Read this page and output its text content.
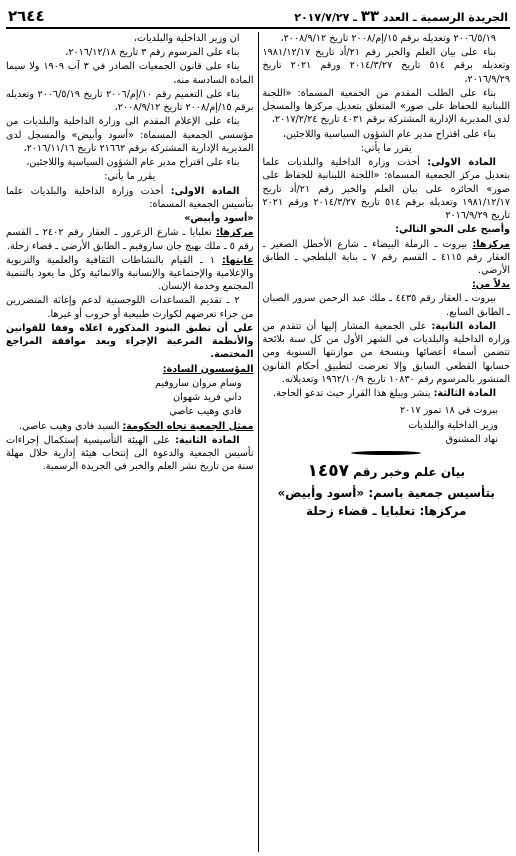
٢٦٤٤	الجريدة الرسمية ـ العدد ٣٣ ـ ٢٠١٧/٧/٢٧

٢٠٠٦/٥/١٩ وتعديله برقم ١٥/إم/٢٠٠٨ تاريخ ٢٠٠٨/٩/١٢،

بناء على بيان العلم والخبر رقم ٢١/أد تاريخ ١٩٨١/١٢/١٧ وتعديله برقم ٥١٤ تاريخ ٢٠١٤/٣/٢٧ ورقم ٢٠٢١ تاريخ ٢٠١٦/٩/٢٩،

بناء على الطلب المقدم من الجمعية المسماة: «اللجنة اللبنانية للحفاظ على صور» المتعلق بتعديل مركزها والمسجل لدى المديرية الإدارية المشتركة برقم ٤٠٣١ تاريخ ٢٠١٧/٢/٢٤،

بناء على اقتراح مدير عام الشؤون السياسية واللاجئين،

يقرر ما يأتي:

المادة الاولى: أخذت وزارة الداخلية والبلديات علما بتعديل مركز الجمعية المسماة: «اللجنة اللبنانية للحفاظ على صور» الحائزة على بيان العلم والخبر رقم ٢١/أد تاريخ ١٩٨١/١٢/١٧ وتعديله برقم ٥١٤ تاريخ ٢٠١٤/٣/٢٧ ورقم ٢٠٢١ تاريخ ٢٠١٦/٩/٢٩

وأصبح على النحو التالي:

مركزها: بيروت ـ الرملة البيضاء ـ شارع الأخطل الصغير ـ العقار رقم ٤١١٥ ـ القسم رقم ٧ ـ بناية البلطجي ـ الطابق الأرضي.

بدلاً من:

بيروت ـ العقار رقم ٤٤٣٥ ـ ملك عبد الرحمن سرور الصبان ـ الطابق السابع.

المادة الثانية: على الجمعية المشار إليها أن تتقدم من وزارة الداخلية والبلديات في الشهر الأول من كل سنة بلائحة تتضمن أسماء أعضائها وبنسخة من موازنتها السنوية ومن حسابها القطعي السابق وإلا تعرضت لتطبيق أحكام القانون المنشور بالمرسوم رقم ١٠٨٣٠ تاريخ ١٩٦٢/١٠/٩ وتعديلاته.

المادة الثالثة: ينشر ويبلغ هذا القرار حيث تدعو الحاجة.

بيروت في ١٨ تموز ٢٠١٧

وزير الداخلية والبلديات

نهاد المشنوق

بيان علم وخبر رقم ١٤٥٧

بتأسيس جمعية باسم: «أسود وأبيض»

مركزها: تعلبايا ـ قضاء زحلة

ان وزير الداخلية والبلديات،

بناء على المرسوم رقم ٣ تاريخ ٢٠١٦/١٢/١٨،

بناء على قانون الجمعيات الصادر في ٣ آب ١٩٠٩ ولا سيما المادة السادسة منه،

بناء على التعميم رقم ١٠/إم/٢٠٠٦ تاريخ ٢٠٠٦/٥/١٩ وتعديله برقم ١٥/إم/٢٠٠٨ تاريخ ٢٠٠٨/٩/١٢،

بناء على الإعلام المقدم الى وزارة الداخلية والبلديات من مؤسسي الجمعية المسماة: «أسود وأبيض» والمسجل لدى المديرية الإدارية المشتركة برقم ٢١٦٦٢ تاريخ ٢٠١٦/١١/١٦،

بناء على اقتراح مدير عام الشؤون السياسية واللاجئين،

يقرر ما يأتي:

المادة الاولى: أخذت وزارة الداخلية والبلديات علما بتأسيس الجمعية المسماة:

«أسود وأبيض»

مركزها: تعلبايا ـ شارع الزعرور ـ العقار رقم ٢٤٠٢ ـ القسم رقم ٥ ـ ملك بهيج جان ساروفيم ـ الطابق الأرضي ـ قضاء زحلة.

غايتها: ١ ـ القيام بالنشاطات الثقافية والعلمية والتربوية والإعلامية والإجتماعية والإنسانية والانمائية وكل ما يعود بالتنمية المجتمع وخدمة الإنسان.

٢ ـ تقديم المساعدات اللوجستية لدعم وإغاثة المتضررين من جراء تعرضهم لكوارث طبيعية أو حروب أو غيرها.

على أن تطبق البنود المذكورة اعلاه وفقا للقوانين والأنظمة المرعية الإجراء وبعد موافقة المراجع المختصة.

المؤسسون السادة:

وسام مروان ساروفيم

داني فريد شهوان

فادي وهيب عاصي

ممثل الجمعية تجاه الحكومة: السيد فادي وهيب عاصي.

المادة الثانية: على الهيئة التأسيسية إستكمال إجراءات تأسيس الجمعية والدعوة الى إنتخاب هيئة إدارية خلال مهلة سنة من تاريخ نشر العلم والخبر في الجريدة الرسمية.
